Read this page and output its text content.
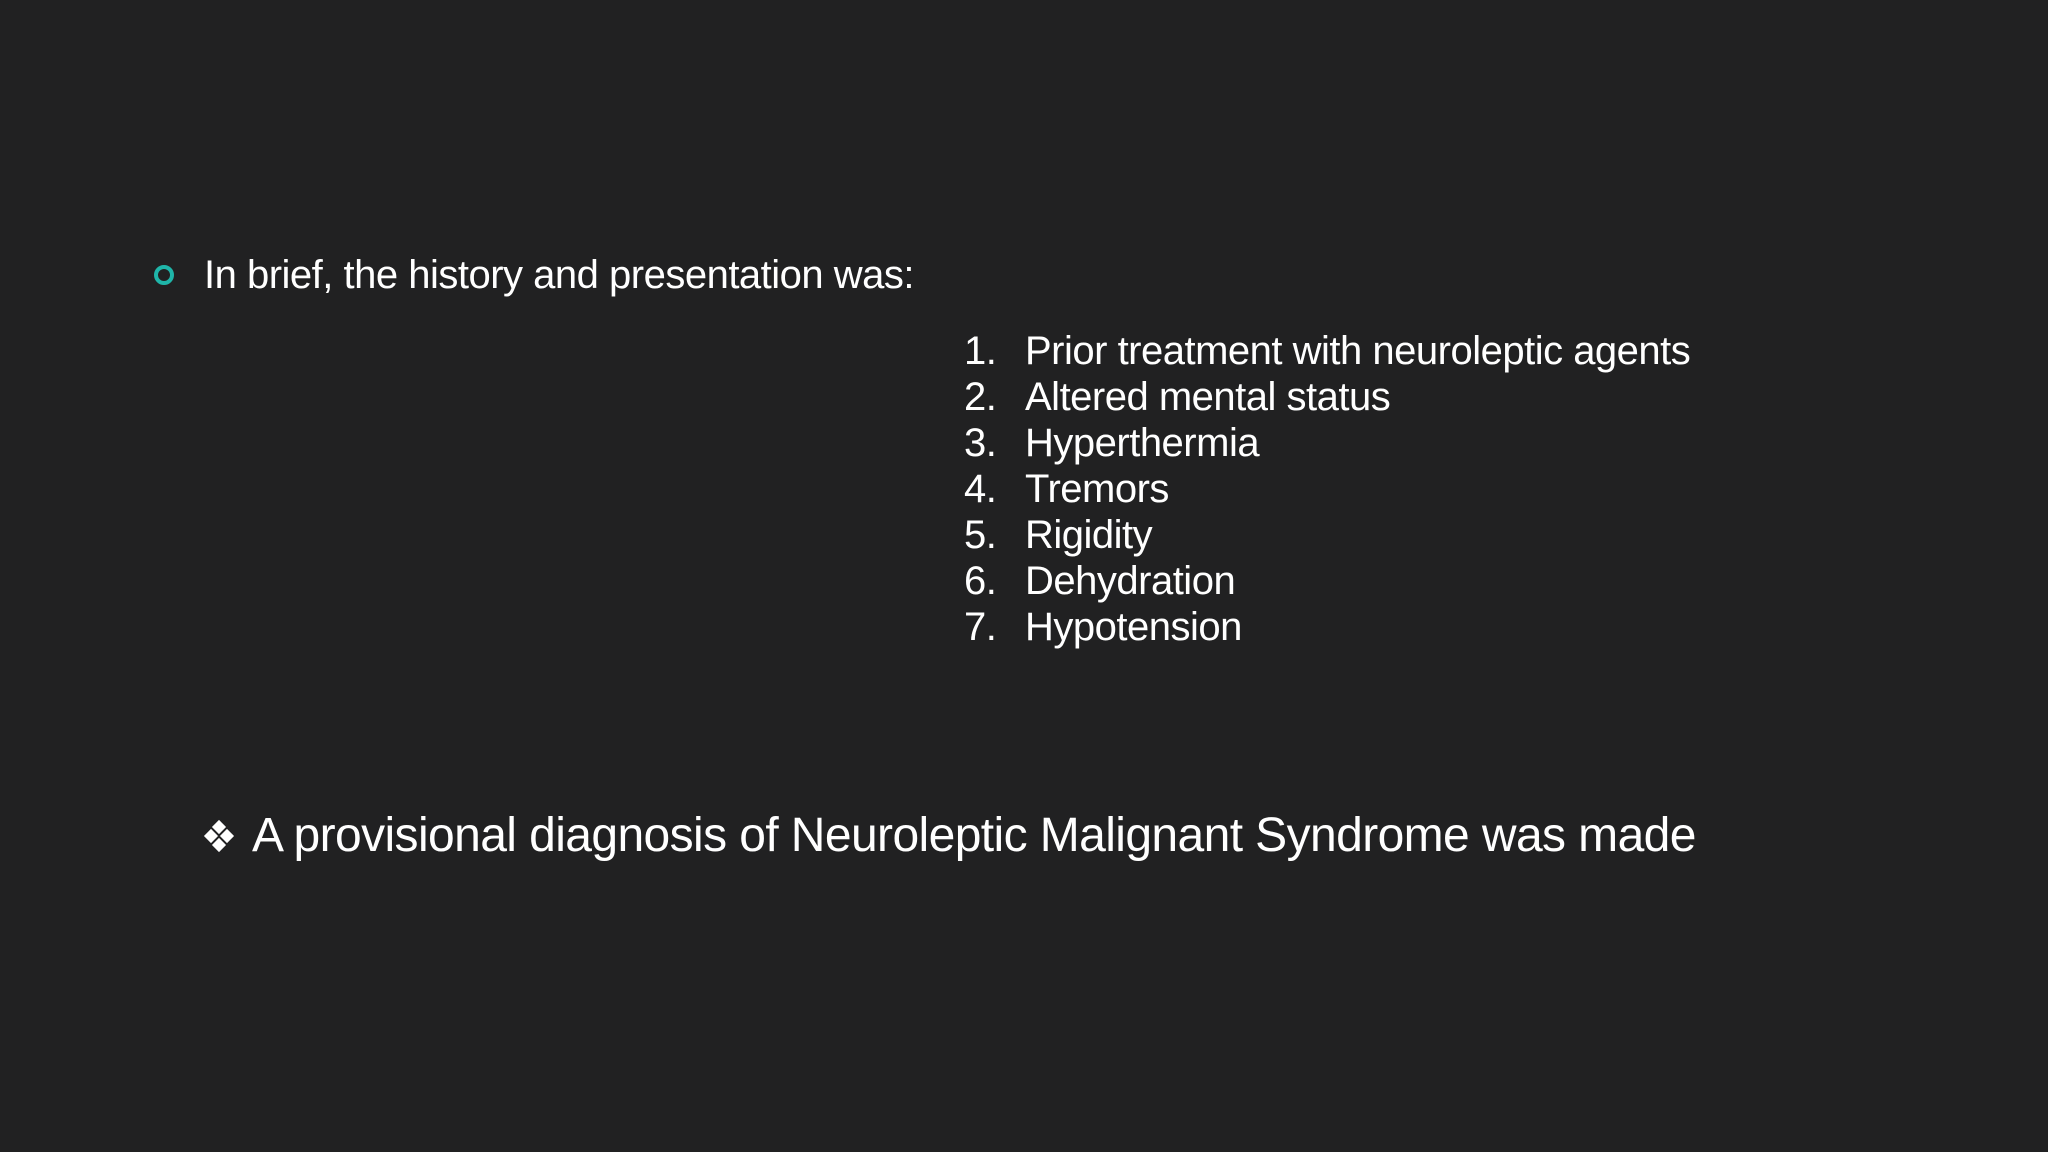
In brief, the history and presentation was:
1. Prior treatment with neuroleptic agents
2. Altered mental status
3. Hyperthermia
4. Tremors
5. Rigidity
6. Dehydration
7. Hypotension
A provisional diagnosis of Neuroleptic Malignant Syndrome was made
